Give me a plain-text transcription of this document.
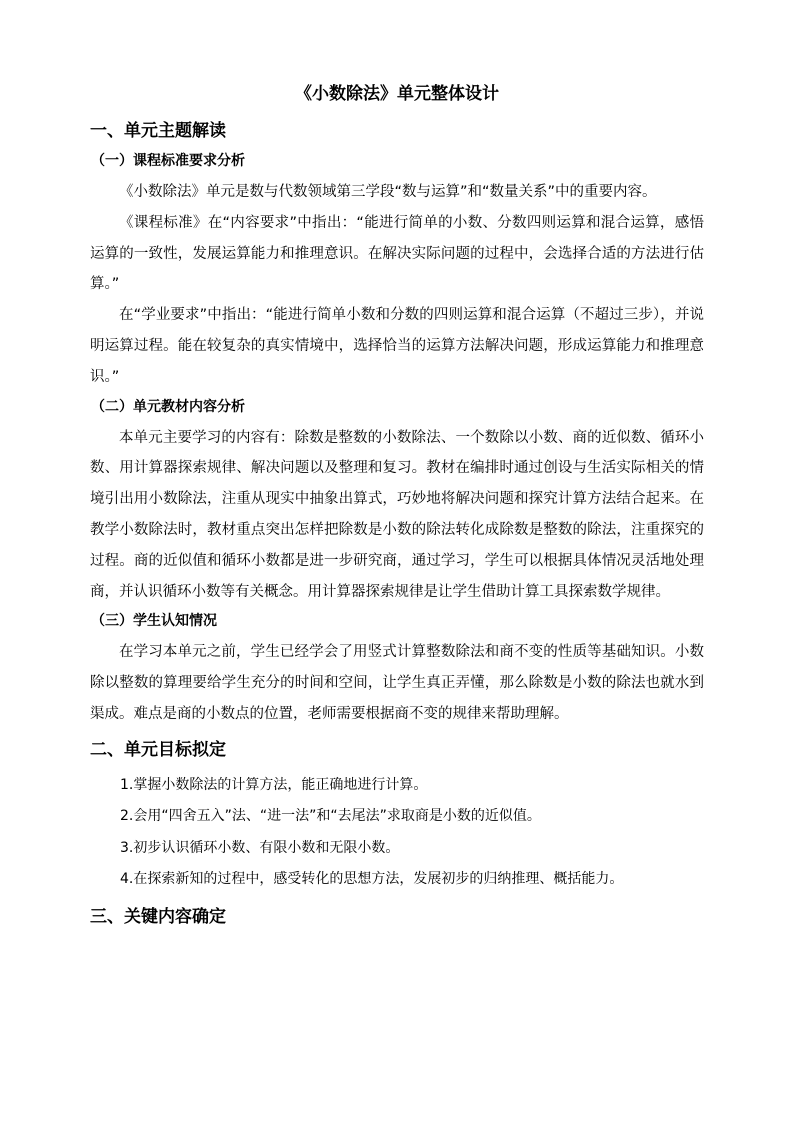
《小数除法》单元整体设计
一、单元主题解读
（一）课程标准要求分析

《小数除法》单元是数与代数领域第三学段“数与运算”和“数量关系”中的重要内容。

《课程标准》在“内容要求”中指出：“能进行简单的小数、分数四则运算和混合运算，感悟运算的一致性，发展运算能力和推理意识。在解决实际问题的过程中，会选择合适的方法进行估算。”

在“学业要求”中指出：“能进行简单小数和分数的四则运算和混合运算（不超过三步），并说明运算过程。能在较复杂的真实情境中，选择恰当的运算方法解决问题，形成运算能力和推理意识。”

（二）单元教材内容分析

本单元主要学习的内容有：除数是整数的小数除法、一个数除以小数、商的近似数、循环小数、用计算器探索规律、解决问题以及整理和复习。教材在编排时通过创设与生活实际相关的情境引出用小数除法，注重从现实中抽象出算式，巧妙地将解决问题和探究计算方法结合起来。在教学小数除法时，教材重点突出怎样把除数是小数的除法转化成除数是整数的除法，注重探究的过程。商的近似值和循环小数都是进一步研究商，通过学习，学生可以根据具体情况灵活地处理商，并认识循环小数等有关概念。用计算器探索规律是让学生借助计算工具探索数学规律。

（三）学生认知情况

在学习本单元之前，学生已经学会了用竖式计算整数除法和商不变的性质等基础知识。小数除以整数的算理要给学生充分的时间和空间，让学生真正弄懂，那么除数是小数的除法也就水到渠成。难点是商的小数点的位置，老师需要根据商不变的规律来帮助理解。

二、单元目标拟定

1.掌握小数除法的计算方法，能正确地进行计算。

2.会用“四舍五入”法、“进一法”和“去尾法”求取商是小数的近似值。

3.初步认识循环小数、有限小数和无限小数。

4.在探索新知的过程中，感受转化的思想方法，发展初步的归纳推理、概括能力。

三、关键内容确定
